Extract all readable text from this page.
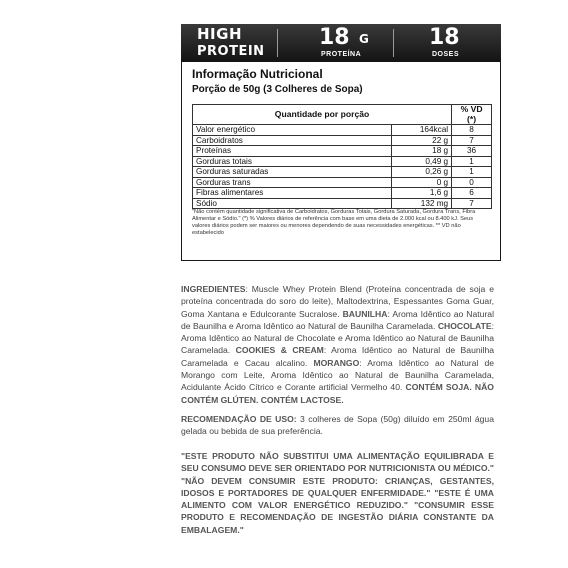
HIGH
PROTEIN
18 G
PROTEÍNA
18
DOSES
Informação Nutricional
Porção de 50g (3 Colheres de Sopa)
Quantidade por porção		% VD (*)
Valor energético	164kcal	8
Carboidratos	22 g	7
Proteínas	18 g	36
Gorduras totais	0,49 g	1
Gorduras saturadas	0,26 g	1
Gorduras trans	0 g	0
Fibras alimentares	1,6 g	6
Sódio	132 mg	7
"Não contém quantidade significativa de Carboidratos, Gorduras Totais, Gordura Saturada, Gordura Trans, Fibra Alimentar e Sódio." (*) % Valores diários de referência com base em uma dieta de 2.000 kcal ou 8.400 kJ. Seus valores diários podem ser maiores ou menores dependendo de suas necessidades energéticas. ** VD não estabelecido
INGREDIENTES: Muscle Whey Protein Blend (Proteína concentrada de soja e proteína concentrada do soro do leite), Maltodextrina, Espessantes Goma Guar, Goma Xantana e Edulcorante Sucralose. BAUNILHA: Aroma Idêntico ao Natural de Baunilha e Aroma Idêntico ao Natural de Baunilha Caramelada. CHOCOLATE: Aroma Idêntico ao Natural de Chocolate e Aroma Idêntico ao Natural de Baunilha Caramelada. COOKIES & CREAM: Aroma Idêntico ao Natural de Baunilha Caramelada e Cacau alcalino. MORANGO: Aroma Idêntico ao Natural de Morango com Leite, Aroma Idêntico ao Natural de Baunilha Caramelada, Acidulante Ácido Cítrico e Corante artificial Vermelho 40. CONTÉM SOJA. NÃO CONTÉM GLÚTEN. CONTÉM LACTOSE.
RECOMENDAÇÃO DE USO: 3 colheres de Sopa (50g) diluído em 250ml água gelada ou bebida de sua preferência.
"ESTE PRODUTO NÃO SUBSTITUI UMA ALIMENTAÇÃO EQUILIBRADA E SEU CONSUMO DEVE SER ORIENTADO POR NUTRICIONISTA OU MÉDICO." "NÃO DEVEM CONSUMIR ESTE PRODUTO: CRIANÇAS, GESTANTES, IDOSOS E PORTADORES DE QUALQUER ENFERMIDADE." "ESTE É UMA ALIMENTO COM VALOR ENERGÉTICO REDUZIDO." "CONSUMIR ESSE PRODUTO E RECOMENDAÇÃO DE INGESTÃO DIÁRIA CONSTANTE DA EMBALAGEM."
